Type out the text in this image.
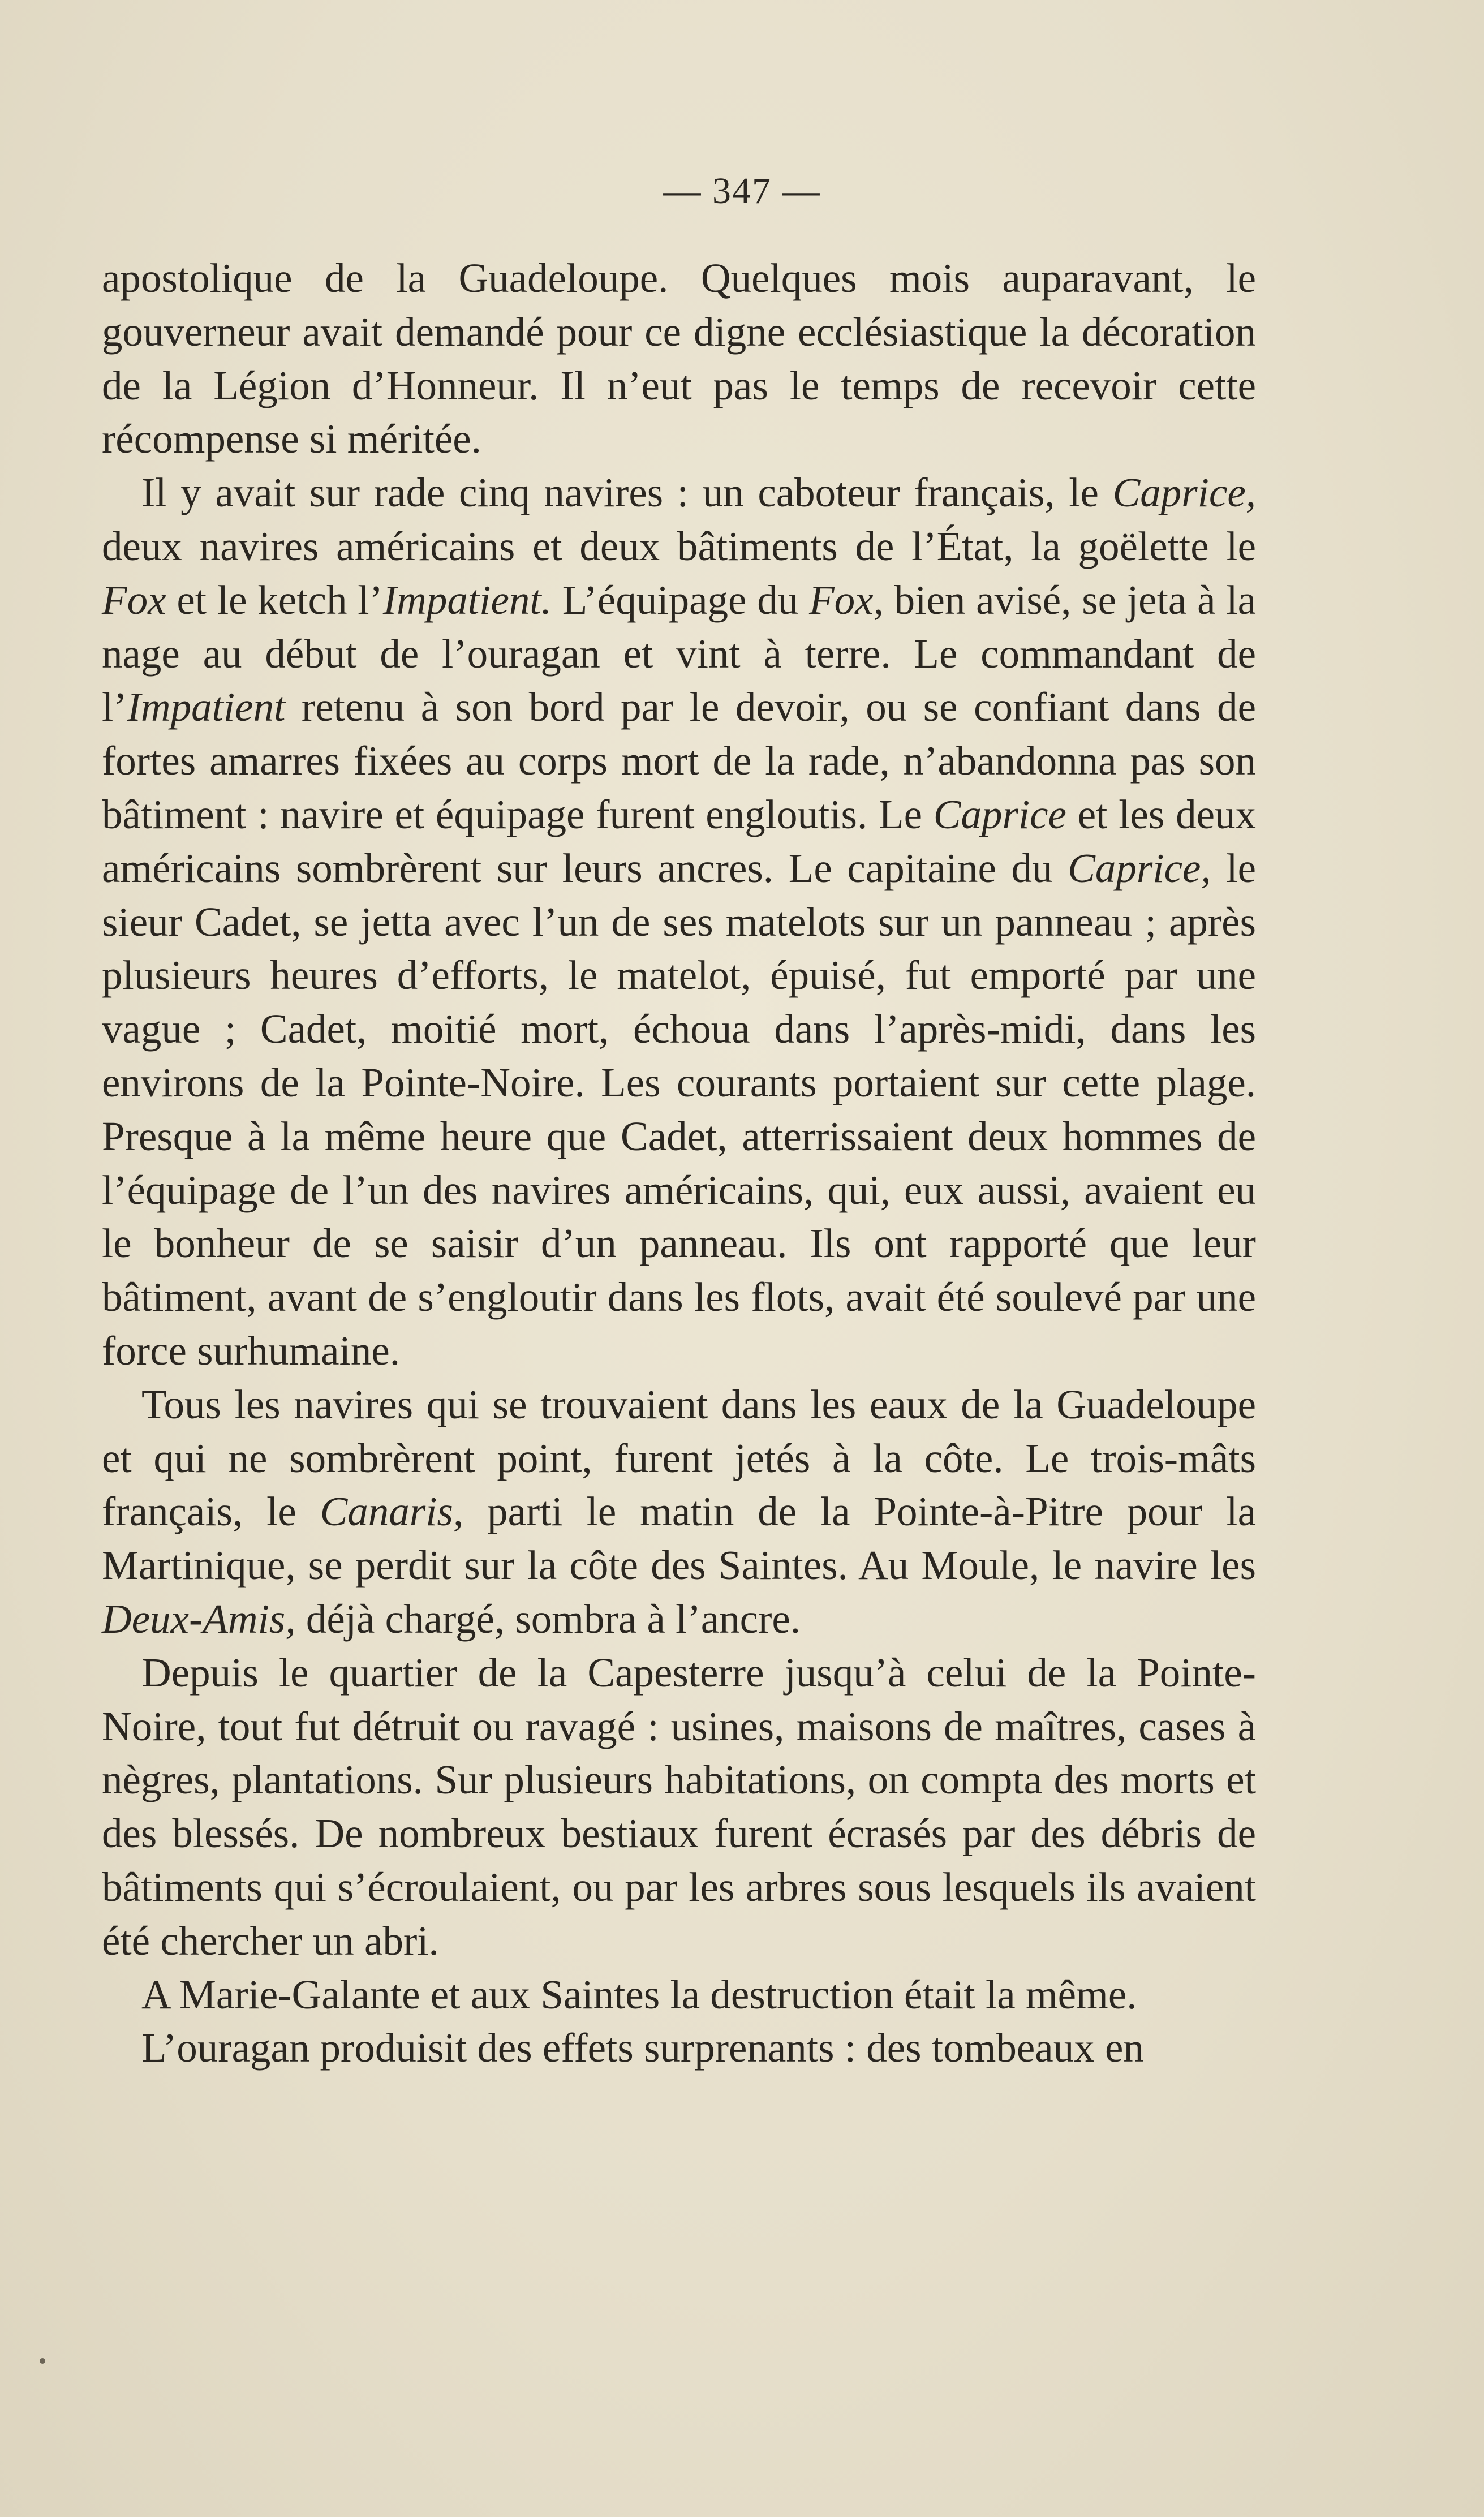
— 347 —

apostolique de la Guadeloupe. Quelques mois auparavant, le gouverneur avait demandé pour ce digne ecclésiastique la décoration de la Légion d’Honneur. Il n’eut pas le temps de recevoir cette récompense si méritée.

Il y avait sur rade cinq navires : un caboteur français, le Caprice, deux navires américains et deux bâtiments de l’État, la goëlette le Fox et le ketch l’Impatient. L’équipage du Fox, bien avisé, se jeta à la nage au début de l’ouragan et vint à terre. Le commandant de l’Impatient retenu à son bord par le devoir, ou se confiant dans de fortes amarres fixées au corps mort de la rade, n’abandonna pas son bâtiment : navire et équipage furent engloutis. Le Caprice et les deux américains sombrèrent sur leurs ancres. Le capitaine du Caprice, le sieur Cadet, se jetta avec l’un de ses matelots sur un panneau ; après plusieurs heures d’efforts, le matelot, épuisé, fut emporté par une vague ; Cadet, moitié mort, échoua dans l’après-midi, dans les environs de la Pointe-Noire. Les courants portaient sur cette plage. Presque à la même heure que Cadet, atterrissaient deux hommes de l’équipage de l’un des navires américains, qui, eux aussi, avaient eu le bonheur de se saisir d’un panneau. Ils ont rapporté que leur bâtiment, avant de s’engloutir dans les flots, avait été soulevé par une force surhumaine.

Tous les navires qui se trouvaient dans les eaux de la Guadeloupe et qui ne sombrèrent point, furent jetés à la côte. Le trois-mâts français, le Canaris, parti le matin de la Pointe-à-Pitre pour la Martinique, se perdit sur la côte des Saintes. Au Moule, le navire les Deux-Amis, déjà chargé, sombra à l’ancre.

Depuis le quartier de la Capesterre jusqu’à celui de la Pointe-Noire, tout fut détruit ou ravagé : usines, maisons de maîtres, cases à nègres, plantations. Sur plusieurs habitations, on compta des morts et des blessés. De nombreux bestiaux furent écrasés par des débris de bâtiments qui s’écroulaient, ou par les arbres sous lesquels ils avaient été chercher un abri.

A Marie-Galante et aux Saintes la destruction était la même.

L’ouragan produisit des effets surprenants : des tombeaux en
